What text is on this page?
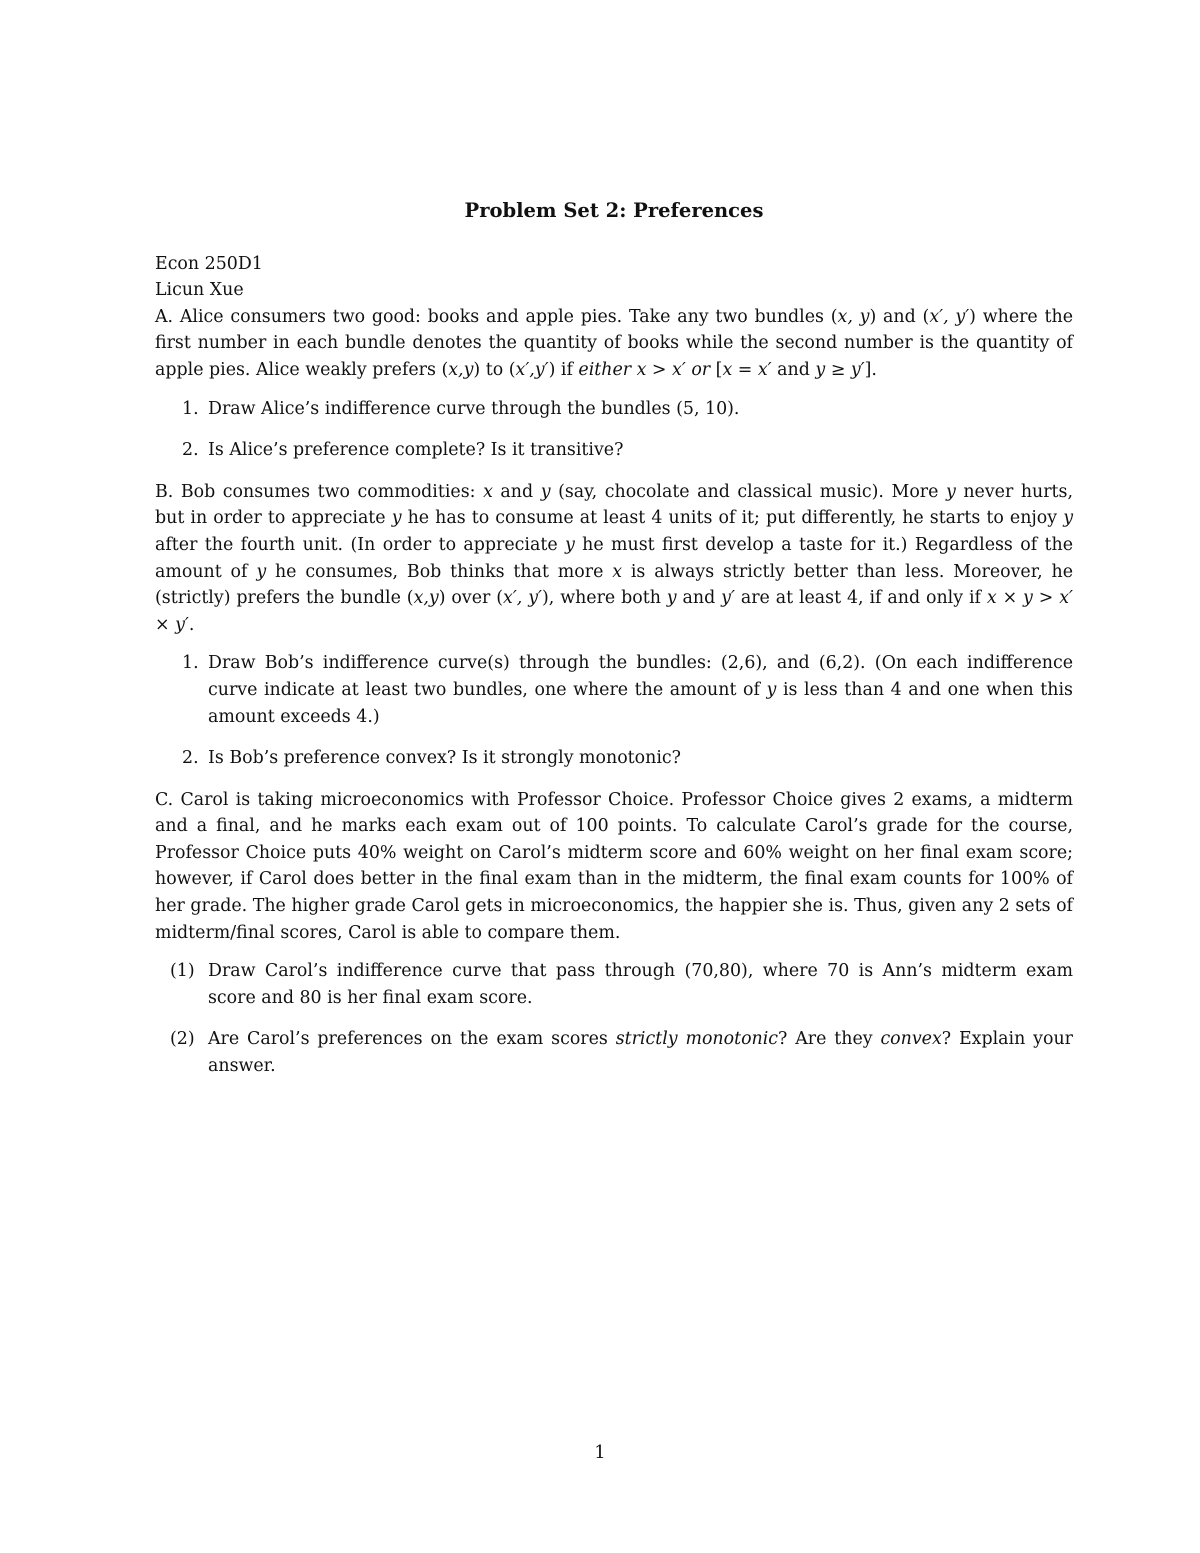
Problem Set 2: Preferences
Econ 250D1
Licun Xue

A. Alice consumers two good: books and apple pies. Take any two bundles (x, y) and (x′, y′) where the first number in each bundle denotes the quantity of books while the second number is the quantity of apple pies. Alice weakly prefers (x,y) to (x′,y′) if either x > x′ or [x = x′ and y ≥ y′].

1. Draw Alice’s indifference curve through the bundles (5, 10).
2. Is Alice’s preference complete? Is it transitive?

B. Bob consumes two commodities: x and y (say, chocolate and classical music). More y never hurts, but in order to appreciate y he has to consume at least 4 units of it; put differently, he starts to enjoy y after the fourth unit. (In order to appreciate y he must first develop a taste for it.) Regardless of the amount of y he consumes, Bob thinks that more x is always strictly better than less. Moreover, he (strictly) prefers the bundle (x,y) over (x′, y′), where both y and y′ are at least 4, if and only if x × y > x′ × y′.

1. Draw Bob’s indifference curve(s) through the bundles: (2,6), and (6,2). (On each indifference curve indicate at least two bundles, one where the amount of y is less than 4 and one when this amount exceeds 4.)
2. Is Bob’s preference convex? Is it strongly monotonic?

C. Carol is taking microeconomics with Professor Choice. Professor Choice gives 2 exams, a midterm and a final, and he marks each exam out of 100 points. To calculate Carol’s grade for the course, Professor Choice puts 40% weight on Carol’s midterm score and 60% weight on her final exam score; however, if Carol does better in the final exam than in the midterm, the final exam counts for 100% of her grade. The higher grade Carol gets in microeconomics, the happier she is. Thus, given any 2 sets of midterm/final scores, Carol is able to compare them.

(1) Draw Carol’s indifference curve that pass through (70,80), where 70 is Ann’s midterm exam score and 80 is her final exam score.
(2) Are Carol’s preferences on the exam scores strictly monotonic? Are they convex? Explain your answer.
1
